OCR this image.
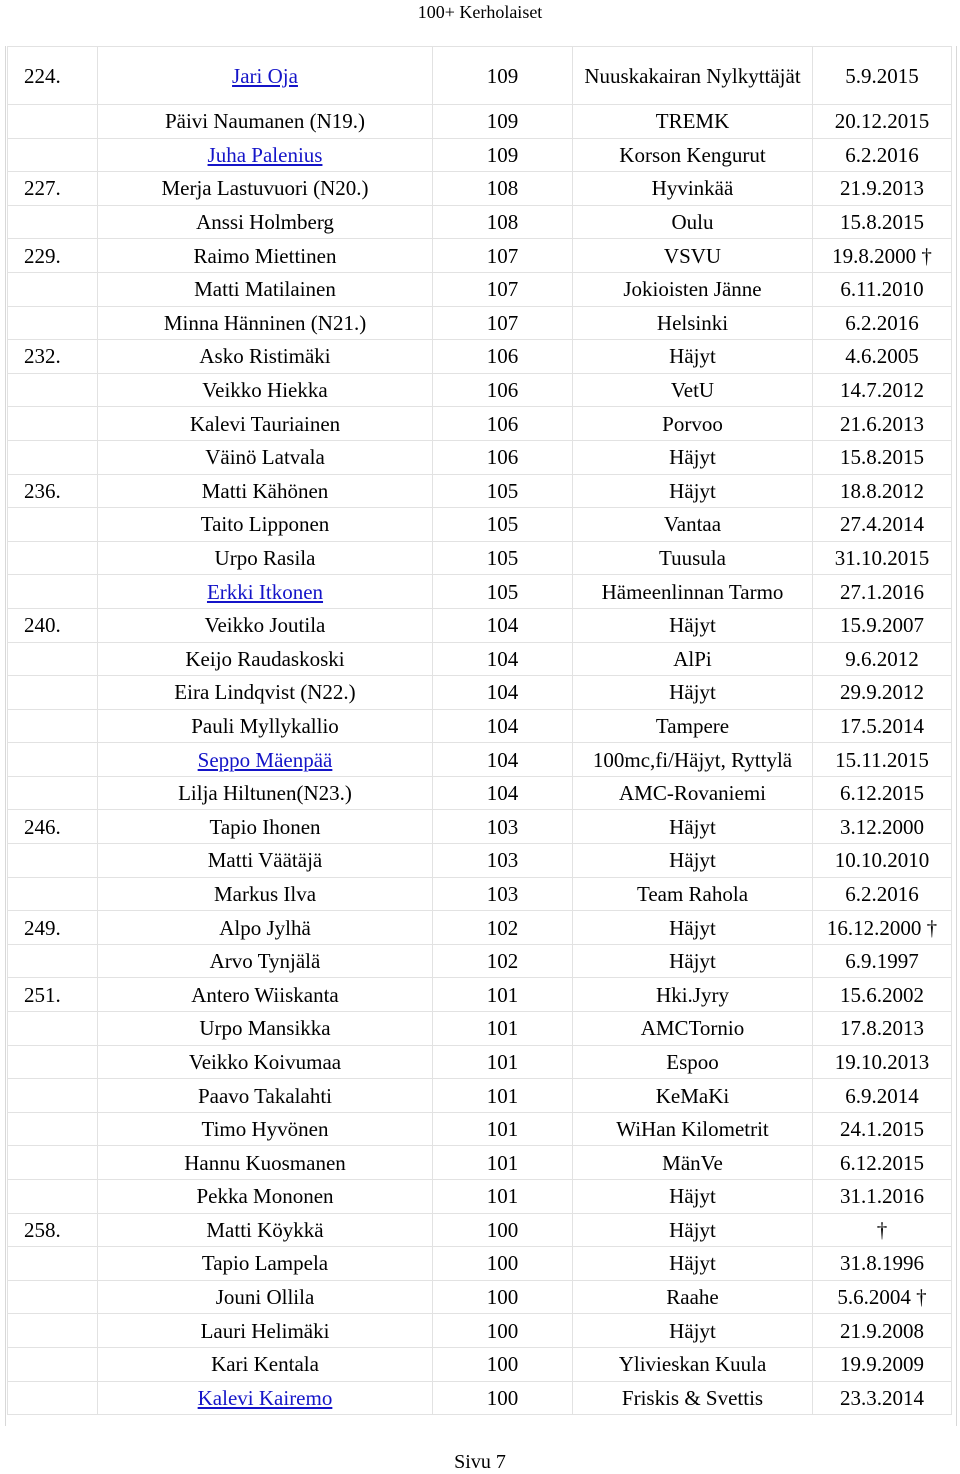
100+ Kerholaiset
224.	Jari Oja	109	Nuuskakairan Nylkyttäjät	5.9.2015
	Päivi Naumanen (N19.)	109	TREMK	20.12.2015
	Juha Palenius	109	Korson Kengurut	6.2.2016
227.	Merja Lastuvuori (N20.)	108	Hyvinkää	21.9.2013
	Anssi Holmberg	108	Oulu	15.8.2015
229.	Raimo Miettinen	107	VSVU	19.8.2000 †
	Matti Matilainen	107	Jokioisten Jänne	6.11.2010
	Minna Hänninen (N21.)	107	Helsinki	6.2.2016
232.	Asko Ristimäki	106	Häjyt	4.6.2005
	Veikko Hiekka	106	VetU	14.7.2012
	Kalevi Tauriainen	106	Porvoo	21.6.2013
	Väinö Latvala	106	Häjyt	15.8.2015
236.	Matti Kähönen	105	Häjyt	18.8.2012
	Taito Lipponen	105	Vantaa	27.4.2014
	Urpo Rasila	105	Tuusula	31.10.2015
	Erkki Itkonen	105	Hämeenlinnan Tarmo	27.1.2016
240.	Veikko Joutila	104	Häjyt	15.9.2007
	Keijo Raudaskoski	104	AlPi	9.6.2012
	Eira Lindqvist (N22.)	104	Häjyt	29.9.2012
	Pauli Myllykallio	104	Tampere	17.5.2014
	Seppo Mäenpää	104	100mc,fi/Häjyt, Ryttylä	15.11.2015
	Lilja Hiltunen(N23.)	104	AMC-Rovaniemi	6.12.2015
246.	Tapio Ihonen	103	Häjyt	3.12.2000
	Matti Väätäjä	103	Häjyt	10.10.2010
	Markus Ilva	103	Team Rahola	6.2.2016
249.	Alpo Jylhä	102	Häjyt	16.12.2000 †
	Arvo Tynjälä	102	Häjyt	6.9.1997
251.	Antero Wiiskanta	101	Hki.Jyry	15.6.2002
	Urpo Mansikka	101	AMCTornio	17.8.2013
	Veikko Koivumaa	101	Espoo	19.10.2013
	Paavo Takalahti	101	KeMaKi	6.9.2014
	Timo Hyvönen	101	WiHan Kilometrit	24.1.2015
	Hannu Kuosmanen	101	MänVe	6.12.2015
	Pekka Mononen	101	Häjyt	31.1.2016
258.	Matti Köykkä	100	Häjyt	†
	Tapio Lampela	100	Häjyt	31.8.1996
	Jouni Ollila	100	Raahe	5.6.2004 †
	Lauri Helimäki	100	Häjyt	21.9.2008
	Kari Kentala	100	Ylivieskan Kuula	19.9.2009
	Kalevi Kairemo	100	Friskis & Svettis	23.3.2014
Sivu 7
